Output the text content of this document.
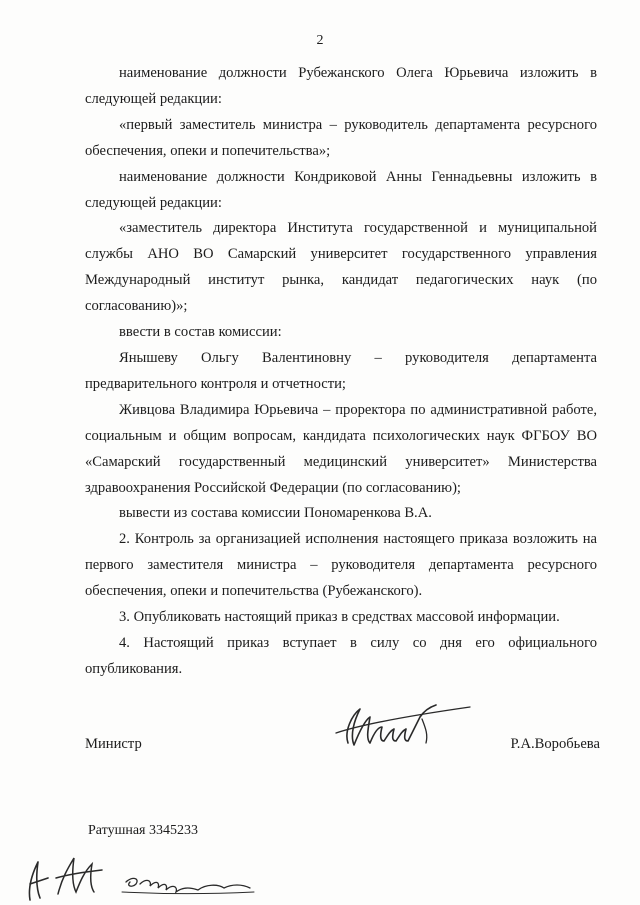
2

наименование должности Рубежанского Олега Юрьевича изложить в следующей редакции:

«первый заместитель министра – руководитель департамента ресурсного обеспечения, опеки и попечительства»;

наименование должности Кондриковой Анны Геннадьевны изложить в следующей редакции:

«заместитель директора Института государственной и муниципальной службы АНО ВО Самарский университет государственного управления Международный институт рынка, кандидат педагогических наук (по согласованию)»;

ввести в состав комиссии:

Янышеву Ольгу Валентиновну – руководителя департамента предварительного контроля и отчетности;

Живцова Владимира Юрьевича – проректора по административной работе, социальным и общим вопросам, кандидата психологических наук ФГБОУ ВО «Самарский государственный медицинский университет» Министерства здравоохранения Российской Федерации (по согласованию);

вывести из состава комиссии Пономаренкова В.А.

2. Контроль за организацией исполнения настоящего приказа возложить на первого заместителя министра – руководителя департамента ресурсного обеспечения, опеки и попечительства (Рубежанского).

3. Опубликовать настоящий приказ в средствах массовой информации.

4. Настоящий приказ вступает в силу со дня его официального опубликования.

Министр	Р.А.Воробьева
Ратушная 3345233
